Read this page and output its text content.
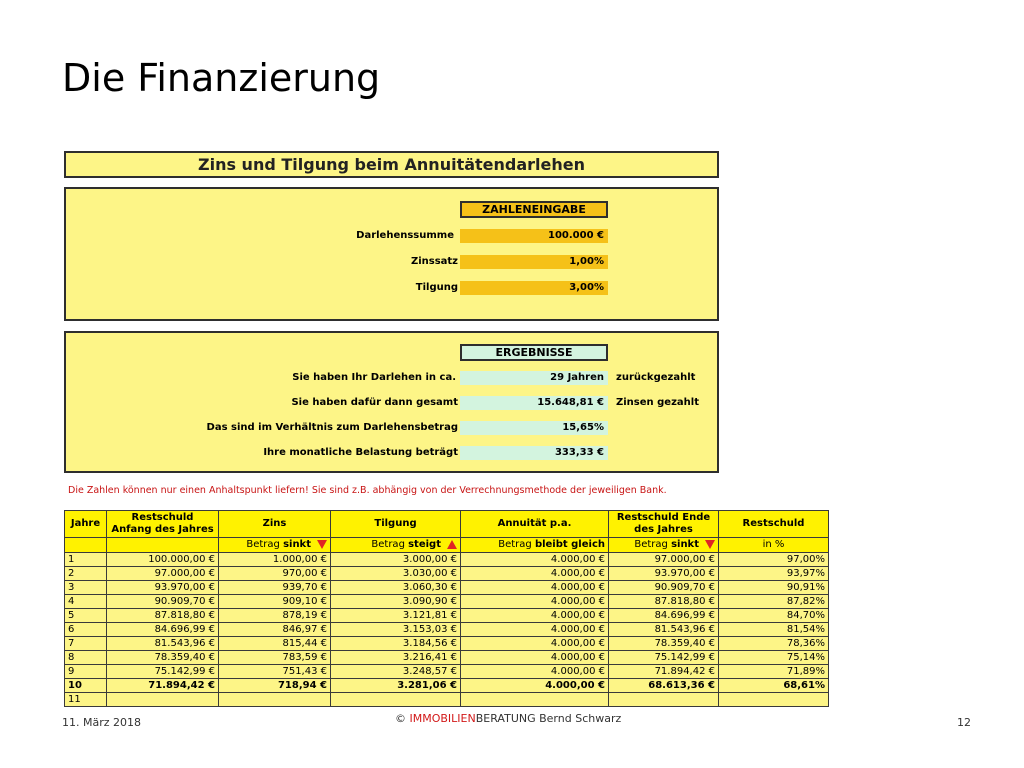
Die Finanzierung
Zins und Tilgung beim Annuitätendarlehen
ZAHLENEINGABE
Darlehenssumme	100.000 €
Zinssatz	1,00%
Tilgung	3,00%
ERGEBNISSE
Sie haben Ihr Darlehen in ca.	29 Jahren	zurückgezahlt
Sie haben dafür dann gesamt	15.648,81 €	Zinsen gezahlt
Das sind im Verhältnis zum Darlehensbetrag	15,65%
Ihre monatliche Belastung beträgt	333,33 €
Die Zahlen können nur einen Anhaltspunkt liefern! Sie sind z.B. abhängig von der Verrechnungsmethode der jeweiligen Bank.
Jahre	Restschuld Anfang des Jahres	Zins	Tilgung	Annuität p.a.	Restschuld Ende des Jahres	Restschuld
		Betrag sinkt	Betrag steigt	Betrag bleibt gleich	Betrag sinkt	in %
1	100.000,00 €	1.000,00 €	3.000,00 €	4.000,00 €	97.000,00 €	97,00%
2	97.000,00 €	970,00 €	3.030,00 €	4.000,00 €	93.970,00 €	93,97%
3	93.970,00 €	939,70 €	3.060,30 €	4.000,00 €	90.909,70 €	90,91%
4	90.909,70 €	909,10 €	3.090,90 €	4.000,00 €	87.818,80 €	87,82%
5	87.818,80 €	878,19 €	3.121,81 €	4.000,00 €	84.696,99 €	84,70%
6	84.696,99 €	846,97 €	3.153,03 €	4.000,00 €	81.543,96 €	81,54%
7	81.543,96 €	815,44 €	3.184,56 €	4.000,00 €	78.359,40 €	78,36%
8	78.359,40 €	783,59 €	3.216,41 €	4.000,00 €	75.142,99 €	75,14%
9	75.142,99 €	751,43 €	3.248,57 €	4.000,00 €	71.894,42 €	71,89%
10	71.894,42 €	718,94 €	3.281,06 €	4.000,00 €	68.613,36 €	68,61%
11						
11. März 2018	© IMMOBILIENBERATUNG Bernd Schwarz	12
